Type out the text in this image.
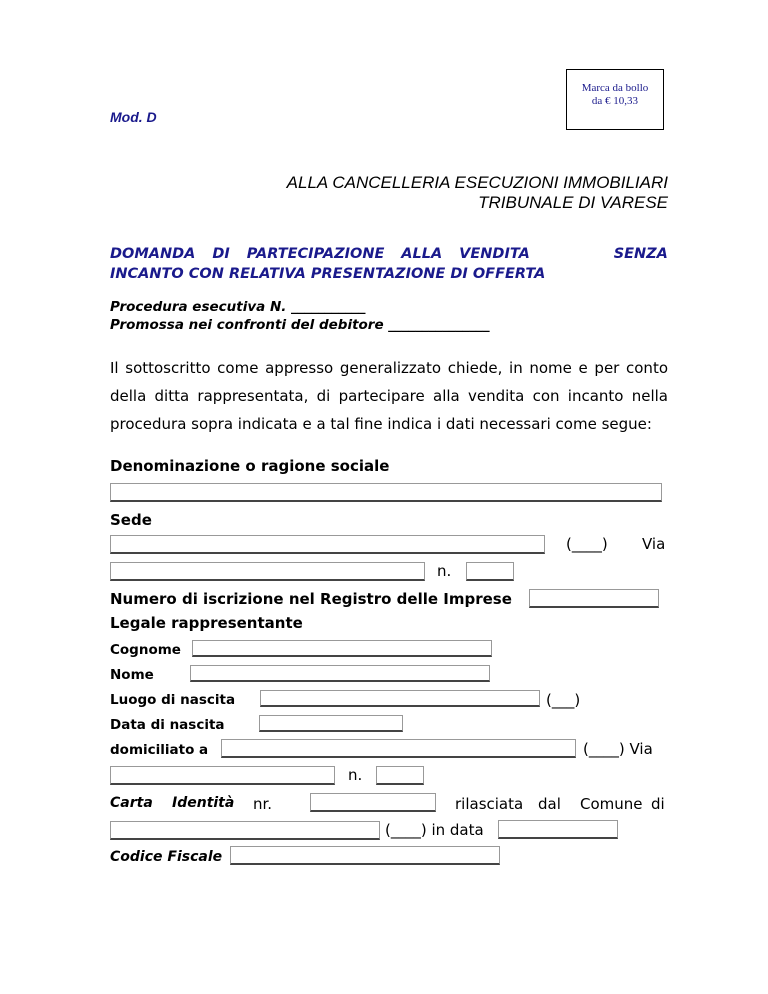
Marca da bollo
da € 10,33
Mod. D
ALLA CANCELLERIA ESECUZIONI IMMOBILIARI
TRIBUNALE DI VARESE
DOMANDA DI PARTECIPAZIONE ALLA VENDITA	SENZA
INCANTO CON RELATIVA PRESENTAZIONE DI OFFERTA
Procedura esecutiva N. ___________
Promossa nei confronti del debitore _______________
Il sottoscritto come appresso generalizzato chiede, in nome e per conto della ditta rappresentata, di partecipare alla vendita con incanto nella procedura sopra indicata e a tal fine indica i dati necessari come segue:
Denominazione o ragione sociale
Sede
(____) Via
n.
Numero di iscrizione nel Registro delle Imprese
Legale rappresentante
Cognome
Nome
Luogo di nascita	(___)
Data di nascita
domiciliato a	(____) Via
n.
Carta Identità nr.	rilasciata dal Comune di
(____) in data
Codice Fiscale
